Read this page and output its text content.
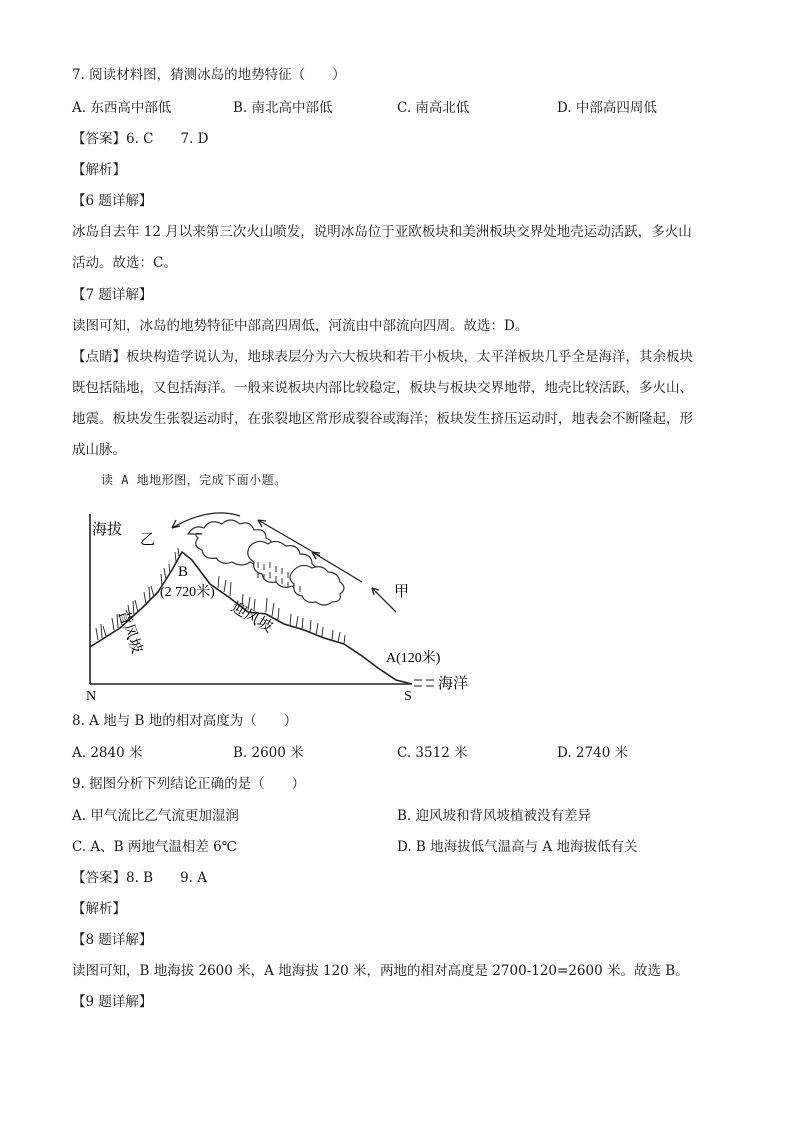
7. 阅读材料图，猜测冰岛的地势特征（　　）
A. 东西高中部低	B. 南北高中部低	C. 南高北低	D. 中部高四周低
【答案】6. C　　7. D
【解析】
【6 题详解】
冰岛自去年 12 月以来第三次火山喷发，说明冰岛位于亚欧板块和美洲板块交界处地壳运动活跃，多火山
活动。故选：C。
【7 题详解】
读图可知，冰岛的地势特征中部高四周低，河流由中部流向四周。故选：D。
【点睛】板块构造学说认为，地球表层分为六大板块和若干小板块，太平洋板块几乎全是海洋，其余板块
既包括陆地，又包括海洋。一般来说板块内部比较稳定，板块与板块交界地带，地壳比较活跃，多火山、
地震。板块发生张裂运动时，在张裂地区常形成裂谷或海洋；板块发生挤压运动时，地表会不断隆起，形
成山脉。
读 A 地地形图，完成下面小题。
海拔
乙
甲
B
(2 720米)
迎风坡
背风坡
A(120米)
海洋
N	S
8. A 地与 B 地的相对高度为（　　）
A. 2840 米	B. 2600 米	C. 3512 米	D. 2740 米
9. 据图分析下列结论正确的是（　　）
A. 甲气流比乙气流更加湿润	B. 迎风坡和背风坡植被没有差异
C. A、B 两地气温相差 6℃	D. B 地海拔低气温高与 A 地海拔低有关
【答案】8. B　　9. A
【解析】
【8 题详解】
读图可知，B 地海拔 2600 米，A 地海拔 120 米，两地的相对高度是 2700-120=2600 米。故选 B。
【9 题详解】
